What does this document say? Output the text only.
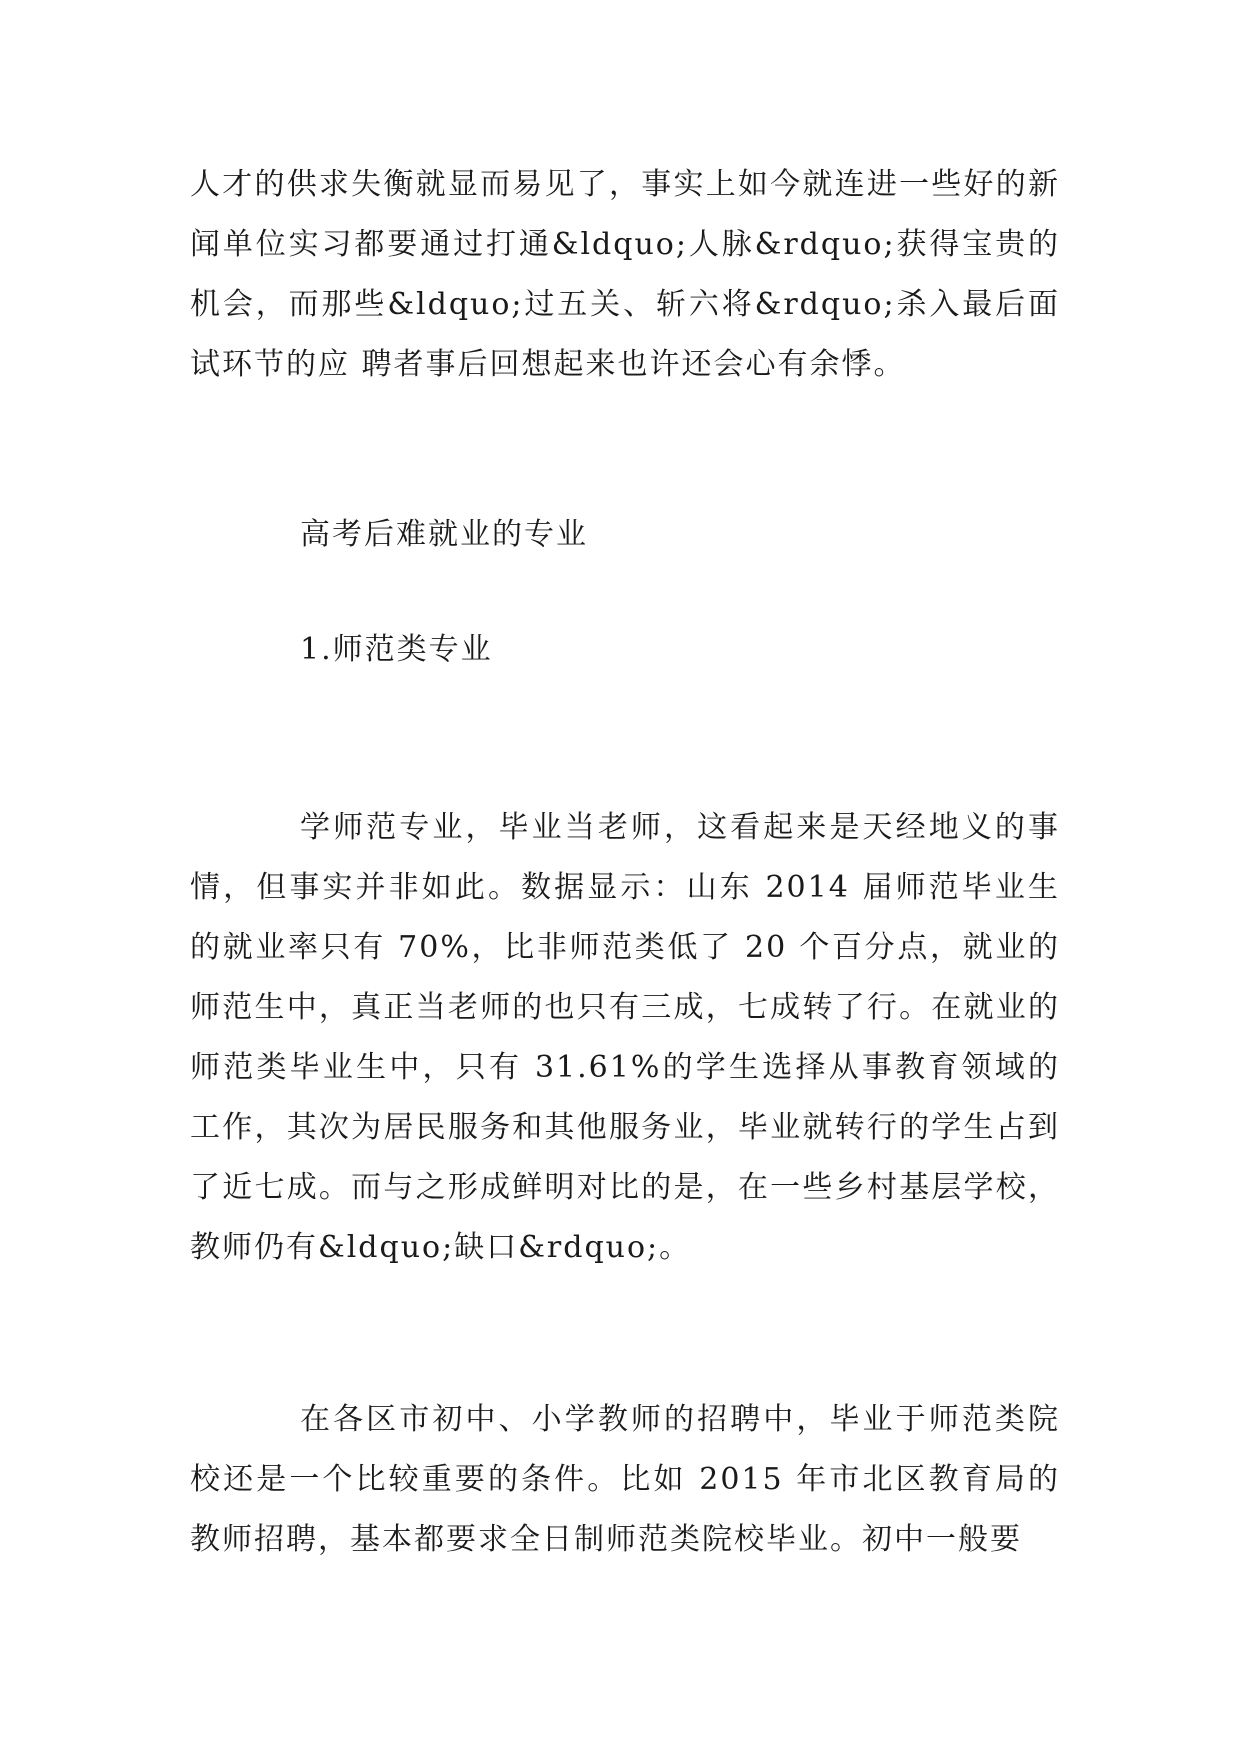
人才的供求失衡就显而易见了，事实上如今就连进一些好的新闻单位实习都要通过打通&ldquo;人脉&rdquo;获得宝贵的机会，而那些&ldquo;过五关、斩六将&rdquo;杀入最后面试环节的应 聘者事后回想起来也许还会心有余悸。

高考后难就业的专业

1.师范类专业

学师范专业，毕业当老师，这看起来是天经地义的事情，但事实并非如此。数据显示：山东 2014 届师范毕业生的就业率只有 70%，比非师范类低了 20 个百分点，就业的师范生中，真正当老师的也只有三成，七成转了行。在就业的师范类毕业生中，只有 31.61%的学生选择从事教育领域的工作，其次为居民服务和其他服务业，毕业就转行的学生占到了近七成。而与之形成鲜明对比的是，在一些乡村基层学校，教师仍有&ldquo;缺口&rdquo;。

在各区市初中、小学教师的招聘中，毕业于师范类院校还是一个比较重要的条件。比如 2015 年市北区教育局的教师招聘，基本都要求全日制师范类院校毕业。初中一般要
